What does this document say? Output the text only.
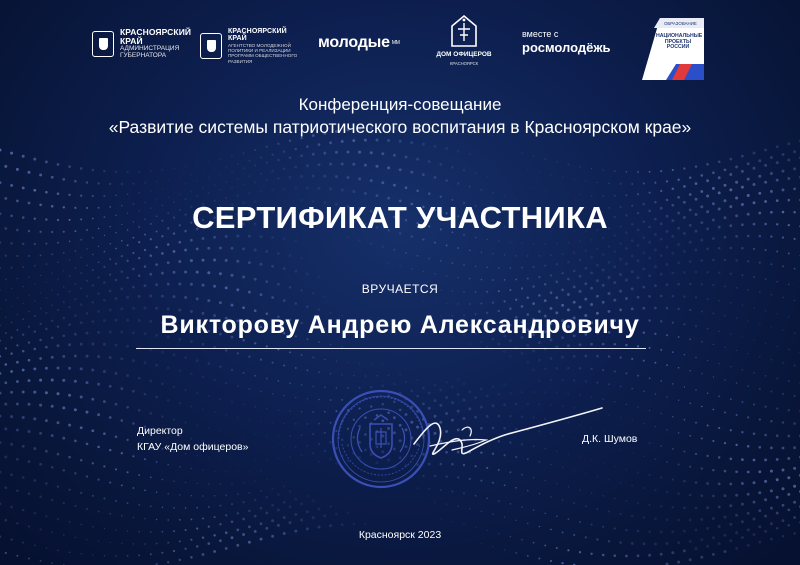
КРАСНОЯРСКИЙ
КРАЙ
АДМИНИСТРАЦИЯ
ГУБЕРНАТОРА
КРАСНОЯРСКИЙ
КРАЙ
АГЕНТСТВО МОЛОДЕЖНОЙ
ПОЛИТИКИ И РЕАЛИЗАЦИИ
ПРОГРАММ ОБЩЕСТВЕННОГО
РАЗВИТИЯ
молодые ММ
ДОМ ОФИЦЕРОВ
КРАСНОЯРСК
вместе с
росмолодёжь
ОБРАЗОВАНИЕ
НАЦИОНАЛЬНЫЕ
ПРОЕКТЫ
РОССИИ

Конференция-совещание

«Развитие системы патриотического воспитания в Красноярском крае»

СЕРТИФИКАТ УЧАСТНИКА

ВРУЧАЕТСЯ

Викторову Андрею Александровичу

Директор
КГАУ «Дом офицеров»
Д.К. Шумов

Красноярск 2023
